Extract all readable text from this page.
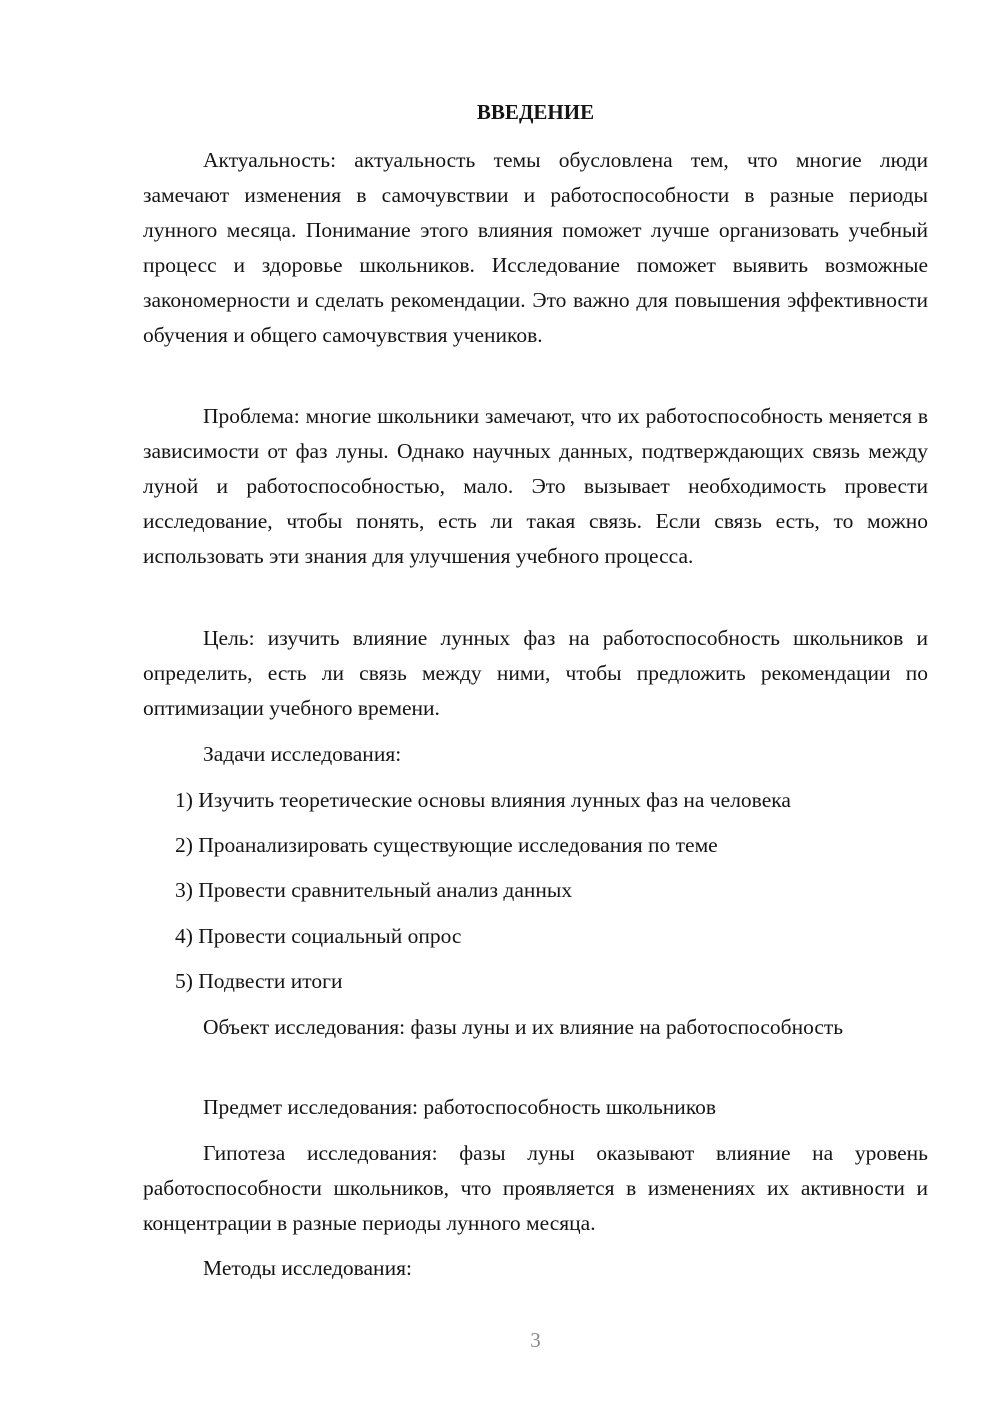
ВВЕДЕНИЕ

Актуальность: актуальность темы обусловлена тем, что многие люди замечают изменения в самочувствии и работоспособности в разные периоды лунного месяца. Понимание этого влияния поможет лучше организовать учебный процесс и здоровье школьников. Исследование поможет выявить возможные закономерности и сделать рекомендации. Это важно для повышения эффективности обучения и общего самочувствия учеников.

Проблема: многие школьники замечают, что их работоспособность меняется в зависимости от фаз луны. Однако научных данных, подтверждающих связь между луной и работоспособностью, мало. Это вызывает необходимость провести исследование, чтобы понять, есть ли такая связь. Если связь есть, то можно использовать эти знания для улучшения учебного процесса.

Цель: изучить влияние лунных фаз на работоспособность школьников и определить, есть ли связь между ними, чтобы предложить рекомендации по оптимизации учебного времени.

Задачи исследования:

1) Изучить теоретические основы влияния лунных фаз на человека

2) Проанализировать существующие исследования по теме

3) Провести сравнительный анализ данных

4) Провести социальный опрос

5) Подвести итоги

Объект исследования: фазы луны и их влияние на работоспособность

Предмет исследования: работоспособность школьников

Гипотеза исследования: фазы луны оказывают влияние на уровень работоспособности школьников, что проявляется в изменениях их активности и концентрации в разные периоды лунного месяца.

Методы исследования:

3
